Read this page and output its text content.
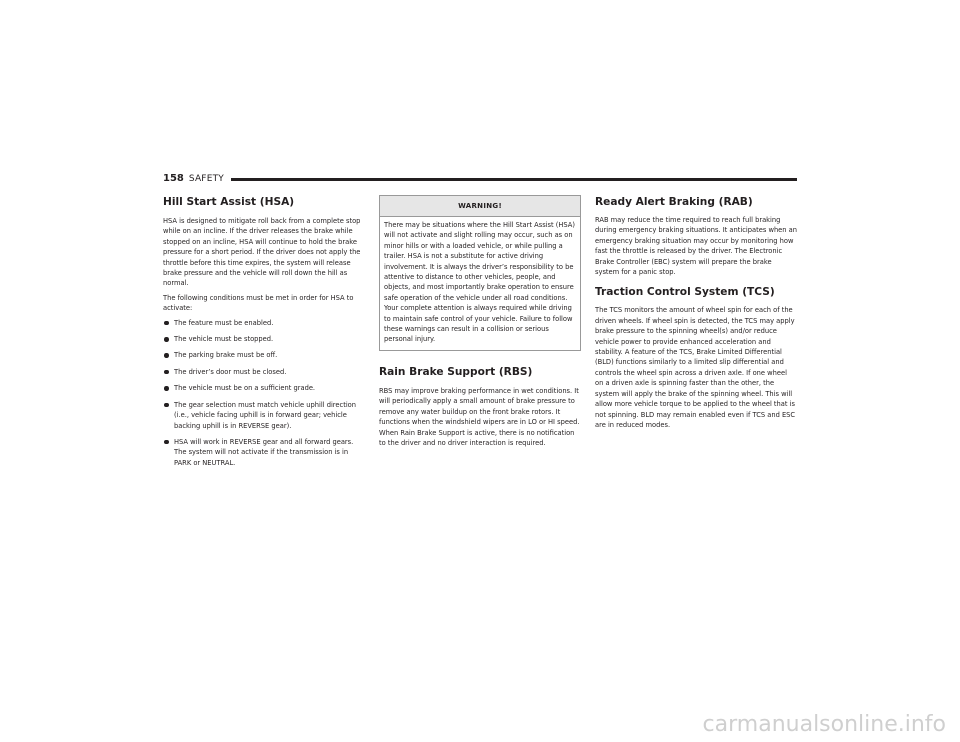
158 SAFETY
Hill Start Assist (HSA)

HSA is designed to mitigate roll back from a complete stop while on an incline. If the driver releases the brake while stopped on an incline, HSA will continue to hold the brake pressure for a short period. If the driver does not apply the throttle before this time expires, the system will release brake pressure and the vehicle will roll down the hill as normal.

The following conditions must be met in order for HSA to activate:

The feature must be enabled.

The vehicle must be stopped.

The parking brake must be off.

The driver’s door must be closed.

The vehicle must be on a sufficient grade.

The gear selection must match vehicle uphill direction (i.e., vehicle facing uphill is in forward gear; vehicle backing uphill is in REVERSE gear).

HSA will work in REVERSE gear and all forward gears. The system will not activate if the transmission is in PARK or NEUTRAL.

WARNING!

There may be situations where the Hill Start Assist (HSA) will not activate and slight rolling may occur, such as on minor hills or with a loaded vehicle, or while pulling a trailer. HSA is not a substitute for active driving involvement. It is always the driver’s responsibility to be attentive to distance to other vehicles, people, and objects, and most importantly brake operation to ensure safe operation of the vehicle under all road conditions. Your complete attention is always required while driving to maintain safe control of your vehicle. Failure to follow these warnings can result in a collision or serious personal injury.

Rain Brake Support (RBS)

RBS may improve braking performance in wet conditions. It will periodically apply a small amount of brake pressure to remove any water buildup on the front brake rotors. It functions when the windshield wipers are in LO or HI speed. When Rain Brake Support is active, there is no notification to the driver and no driver interaction is required.

Ready Alert Braking (RAB)

RAB may reduce the time required to reach full braking during emergency braking situations. It anticipates when an emergency braking situation may occur by monitoring how fast the throttle is released by the driver. The Electronic Brake Controller (EBC) system will prepare the brake system for a panic stop.

Traction Control System (TCS)

The TCS monitors the amount of wheel spin for each of the driven wheels. If wheel spin is detected, the TCS may apply brake pressure to the spinning wheel(s) and/or reduce vehicle power to provide enhanced acceleration and stability. A feature of the TCS, Brake Limited Differential (BLD) functions similarly to a limited slip differential and controls the wheel spin across a driven axle. If one wheel on a driven axle is spinning faster than the other, the system will apply the brake of the spinning wheel. This will allow more vehicle torque to be applied to the wheel that is not spinning. BLD may remain enabled even if TCS and ESC are in reduced modes.

carmanualsonline.info
